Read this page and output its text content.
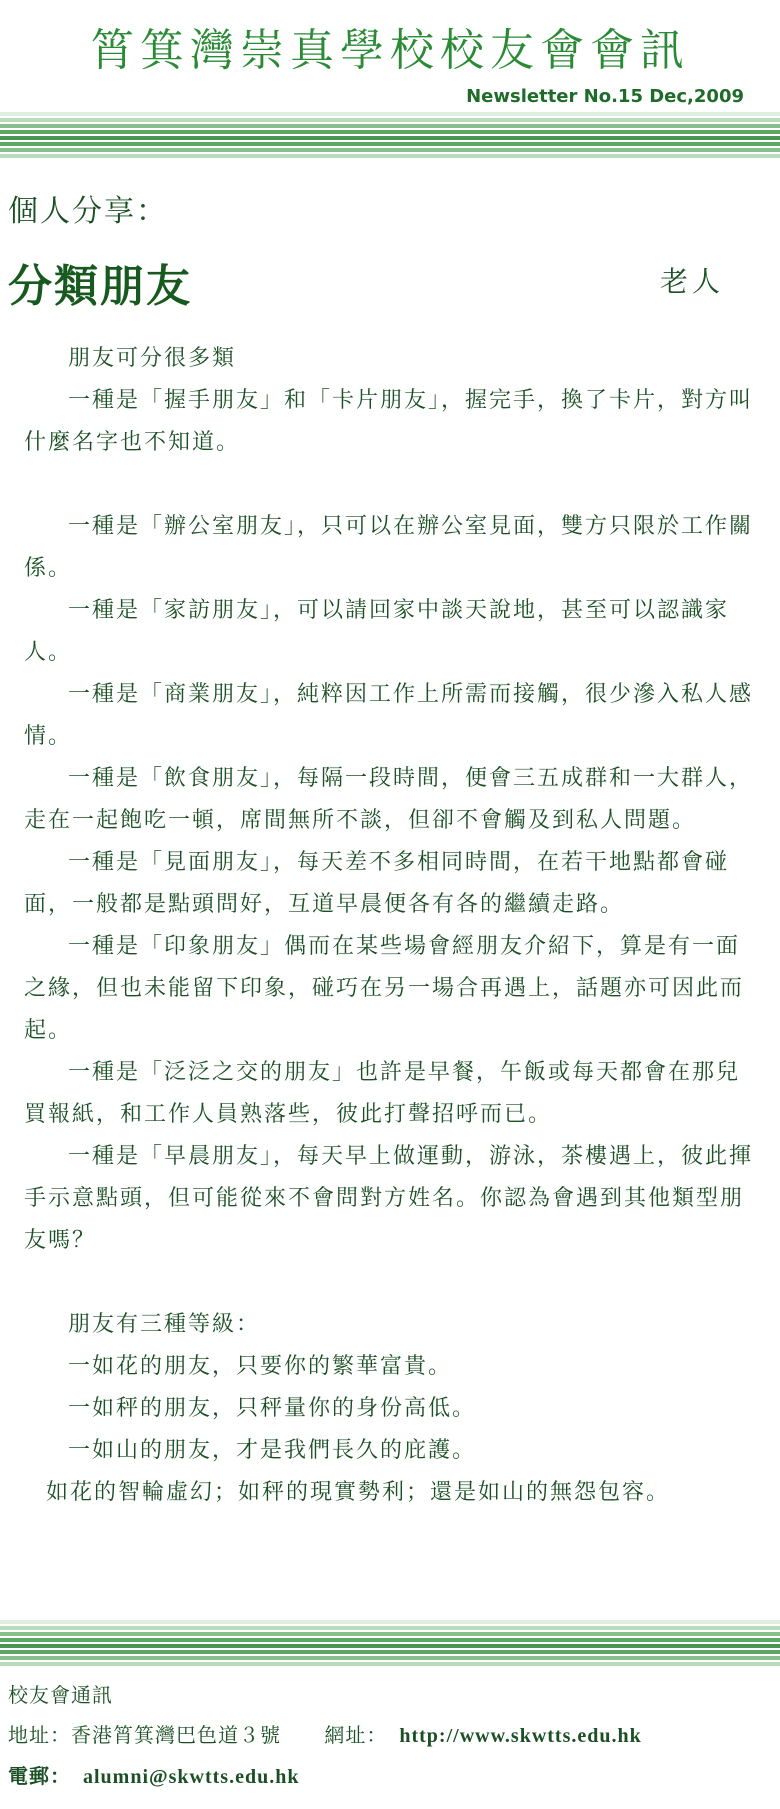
筲箕灣崇真學校校友會會訊
Newsletter No.15 Dec,2009
個人分享：
分類朋友	老人

朋友可分很多類

一種是「握手朋友」和「卡片朋友」，握完手，換了卡片，對方叫什麼名字也不知道。

一種是「辦公室朋友」，只可以在辦公室見面，雙方只限於工作關係。

一種是「家訪朋友」，可以請回家中談天說地，甚至可以認識家人。

一種是「商業朋友」，純粹因工作上所需而接觸，很少滲入私人感情。

一種是「飲食朋友」，每隔一段時間，便會三五成群和一大群人，走在一起飽吃一頓，席間無所不談，但卻不會觸及到私人問題。

一種是「見面朋友」，每天差不多相同時間，在若干地點都會碰面，一般都是點頭問好，互道早晨便各有各的繼續走路。

一種是「印象朋友」偶而在某些場會經朋友介紹下，算是有一面之緣，但也未能留下印象，碰巧在另一場合再遇上，話題亦可因此而起。

一種是「泛泛之交的朋友」也許是早餐，午飯或每天都會在那兒買報紙，和工作人員熟落些，彼此打聲招呼而已。

一種是「早晨朋友」，每天早上做運動，游泳，茶樓遇上，彼此揮手示意點頭，但可能從來不會問對方姓名。你認為會遇到其他類型朋友嗎？

朋友有三種等級：

一如花的朋友，只要你的繁華富貴。

一如秤的朋友，只秤量你的身份高低。

一如山的朋友，才是我們長久的庇護。

如花的智輪虛幻；如秤的現實勢利；還是如山的無怨包容。

校友會通訊
地址：香港筲箕灣巴色道３號 網址： http://www.skwtts.edu.hk
電郵： alumni@skwtts.edu.hk
